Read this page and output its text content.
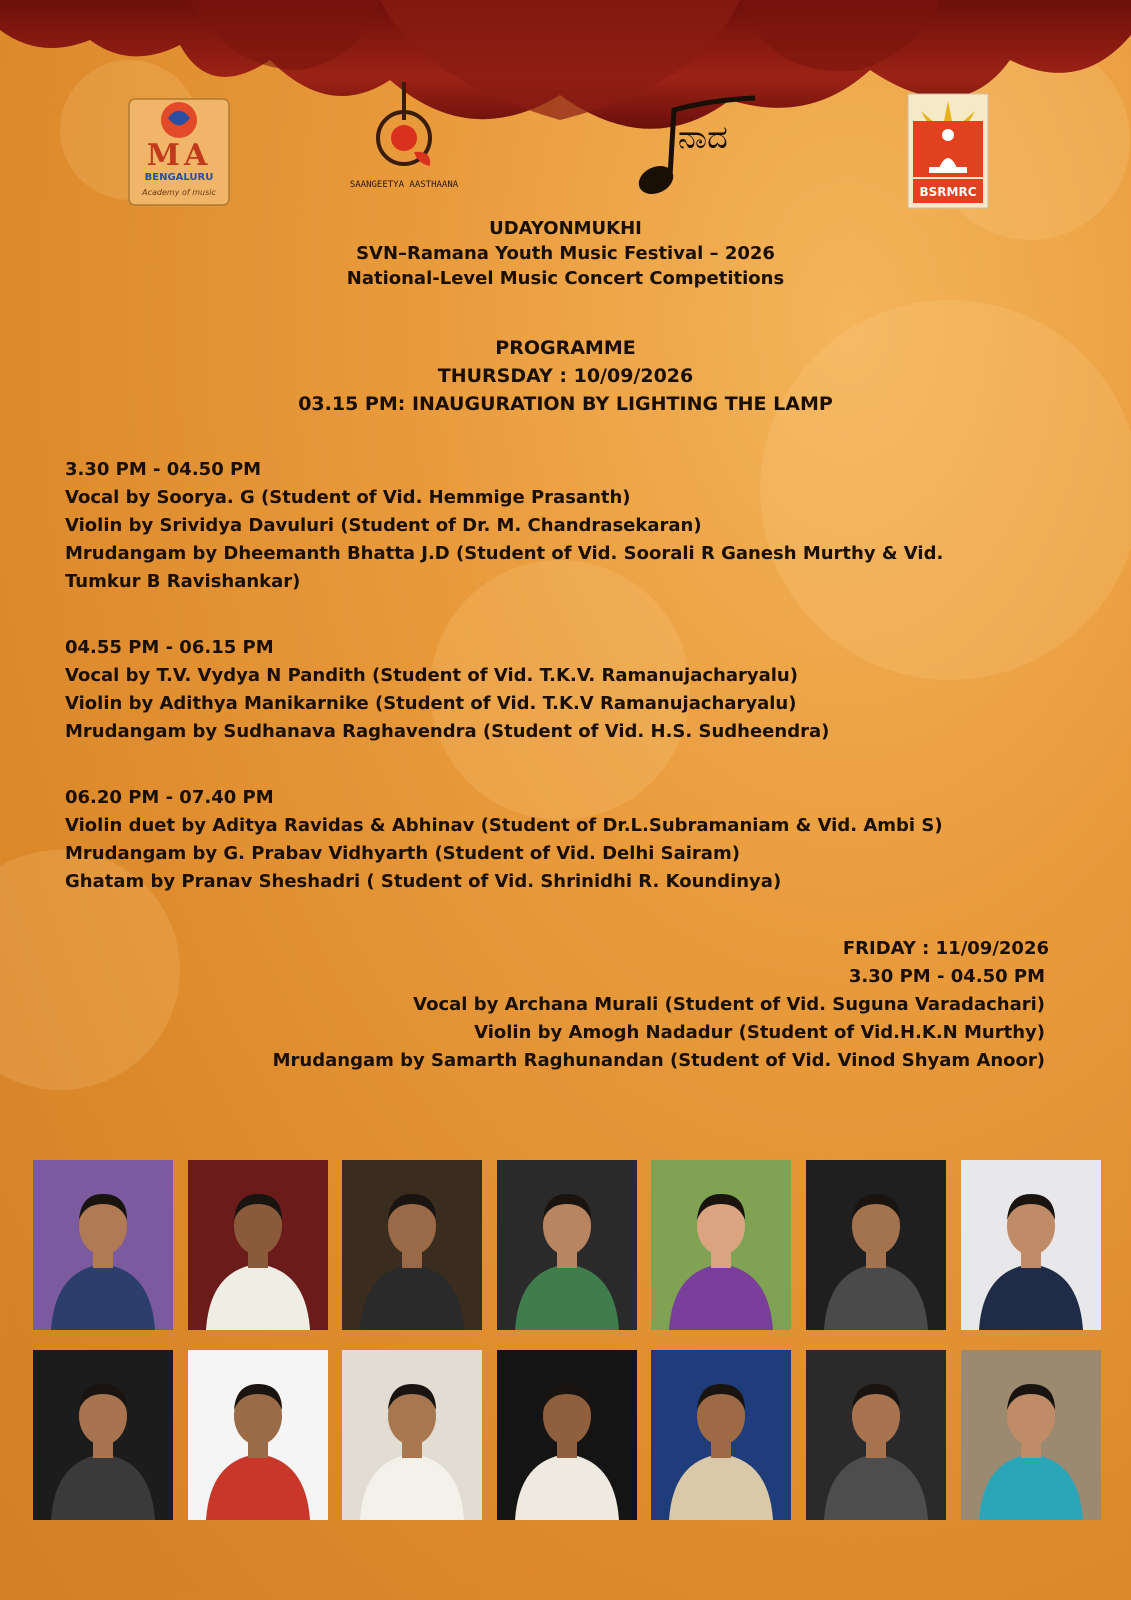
MA
BENGALURU
Academy of music
SAANGEETYA AASTHAANA
ನಾದ
BSRMRC
UDAYONMUKHI
SVN–Ramana Youth Music Festival – 2026
National-Level Music Concert Competitions
PROGRAMME
THURSDAY : 10/09/2026
03.15 PM: INAUGURATION BY LIGHTING THE LAMP
3.30 PM - 04.50 PM
Vocal by Soorya. G (Student of Vid. Hemmige Prasanth)
Violin by Srividya Davuluri (Student of Dr. M. Chandrasekaran)
Mrudangam by Dheemanth Bhatta J.D (Student of Vid. Soorali R Ganesh Murthy & Vid.
Tumkur B Ravishankar)
04.55 PM - 06.15 PM
Vocal by T.V. Vydya N Pandith (Student of Vid. T.K.V. Ramanujacharyalu)
Violin by Adithya Manikarnike (Student of Vid. T.K.V Ramanujacharyalu)
Mrudangam by Sudhanava Raghavendra (Student of Vid. H.S. Sudheendra)
06.20 PM - 07.40 PM
Violin duet by Aditya Ravidas & Abhinav (Student of Dr.L.Subramaniam & Vid. Ambi S)
Mrudangam by G. Prabav Vidhyarth (Student of Vid. Delhi Sairam)
Ghatam by Pranav Sheshadri ( Student of Vid. Shrinidhi R. Koundinya)
FRIDAY : 11/09/2026
3.30 PM - 04.50 PM
Vocal by Archana Murali (Student of Vid. Suguna Varadachari)
Violin by Amogh Nadadur (Student of Vid.H.K.N Murthy)
Mrudangam by Samarth Raghunandan (Student of Vid. Vinod Shyam Anoor)
